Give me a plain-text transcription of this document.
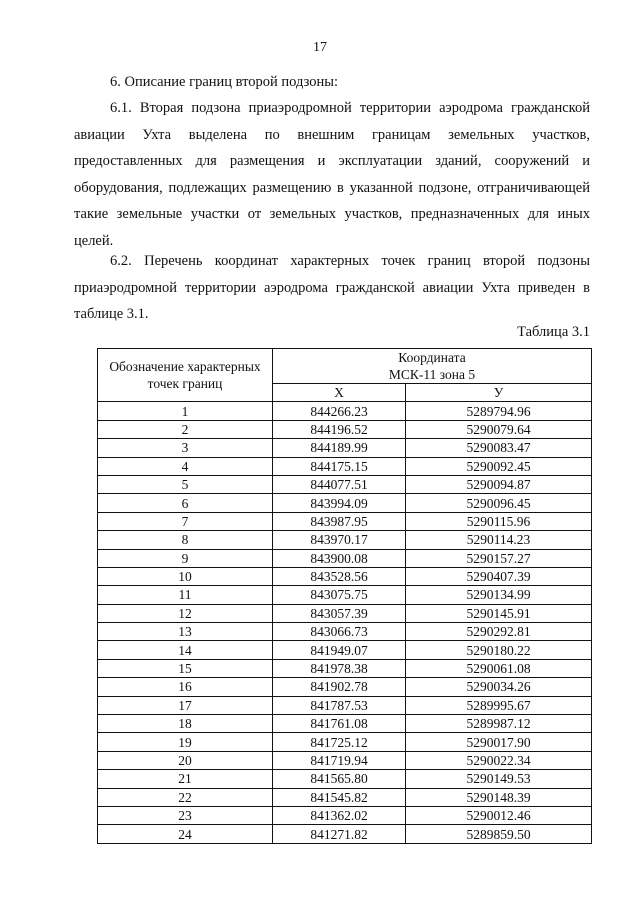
17
6. Описание границ второй подзоны:
6.1. Вторая подзона приаэродромной территории аэродрома гражданской авиации Ухта выделена по внешним границам земельных участков, предоставленных для размещения и эксплуатации зданий, сооружений и оборудования, подлежащих размещению в указанной подзоне, отграничивающей такие земельные участки от земельных участков, предназначенных для иных целей.
6.2. Перечень координат характерных точек границ второй подзоны приаэродромной территории аэродрома гражданской авиации Ухта приведен в таблице 3.1.
Таблица 3.1
Обозначение характерных точек границ	Координата
МСК-11 зона 5	

	X	У
1	844266.23	5289794.96
2	844196.52	5290079.64
3	844189.99	5290083.47
4	844175.15	5290092.45
5	844077.51	5290094.87
6	843994.09	5290096.45
7	843987.95	5290115.96
8	843970.17	5290114.23
9	843900.08	5290157.27
10	843528.56	5290407.39
11	843075.75	5290134.99
12	843057.39	5290145.91
13	843066.73	5290292.81
14	841949.07	5290180.22
15	841978.38	5290061.08
16	841902.78	5290034.26
17	841787.53	5289995.67
18	841761.08	5289987.12
19	841725.12	5290017.90
20	841719.94	5290022.34
21	841565.80	5290149.53
22	841545.82	5290148.39
23	841362.02	5290012.46
24	841271.82	5289859.50
